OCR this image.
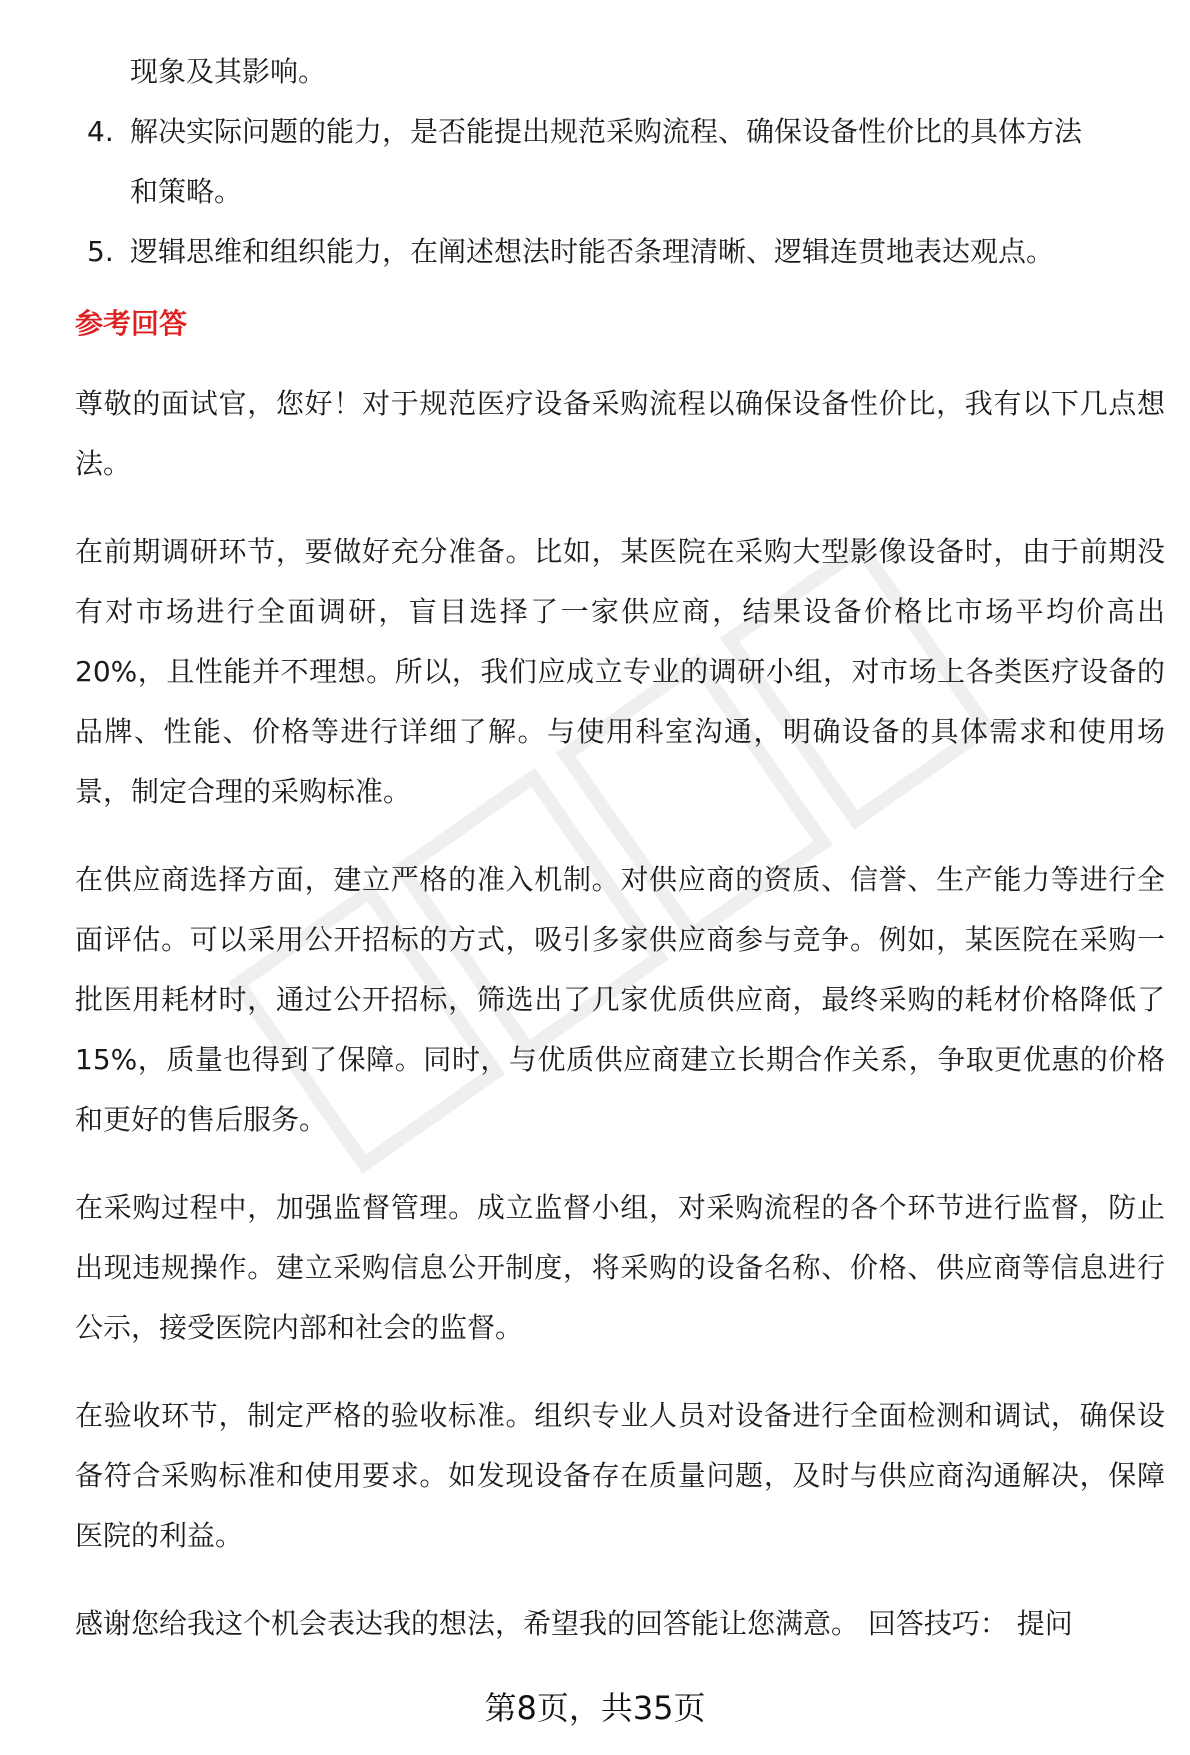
现象及其影响。
4. 解决实际问题的能力，是否能提出规范采购流程、确保设备性价比的具体方法
和策略。
5. 逻辑思维和组织能力，在阐述想法时能否条理清晰、逻辑连贯地表达观点。
参考回答
尊敬的面试官，您好！对于规范医疗设备采购流程以确保设备性价比，我有以下几点想法。
在前期调研环节，要做好充分准备。比如，某医院在采购大型影像设备时，由于前期没有对市场进行全面调研，盲目选择了一家供应商，结果设备价格比市场平均价高出 20%，且性能并不理想。所以，我们应成立专业的调研小组，对市场上各类医疗设备的品牌、性能、价格等进行详细了解。与使用科室沟通，明确设备的具体需求和使用场景，制定合理的采购标准。
在供应商选择方面，建立严格的准入机制。对供应商的资质、信誉、生产能力等进行全面评估。可以采用公开招标的方式，吸引多家供应商参与竞争。例如，某医院在采购一批医用耗材时，通过公开招标，筛选出了几家优质供应商，最终采购的耗材价格降低了 15%，质量也得到了保障。同时，与优质供应商建立长期合作关系，争取更优惠的价格和更好的售后服务。
在采购过程中，加强监督管理。成立监督小组，对采购流程的各个环节进行监督，防止出现违规操作。建立采购信息公开制度，将采购的设备名称、价格、供应商等信息进行公示，接受医院内部和社会的监督。
在验收环节，制定严格的验收标准。组织专业人员对设备进行全面检测和调试，确保设备符合采购标准和使用要求。如发现设备存在质量问题，及时与供应商沟通解决，保障医院的利益。
感谢您给我这个机会表达我的想法，希望我的回答能让您满意。 回答技巧： 提问
第8页，共35页
